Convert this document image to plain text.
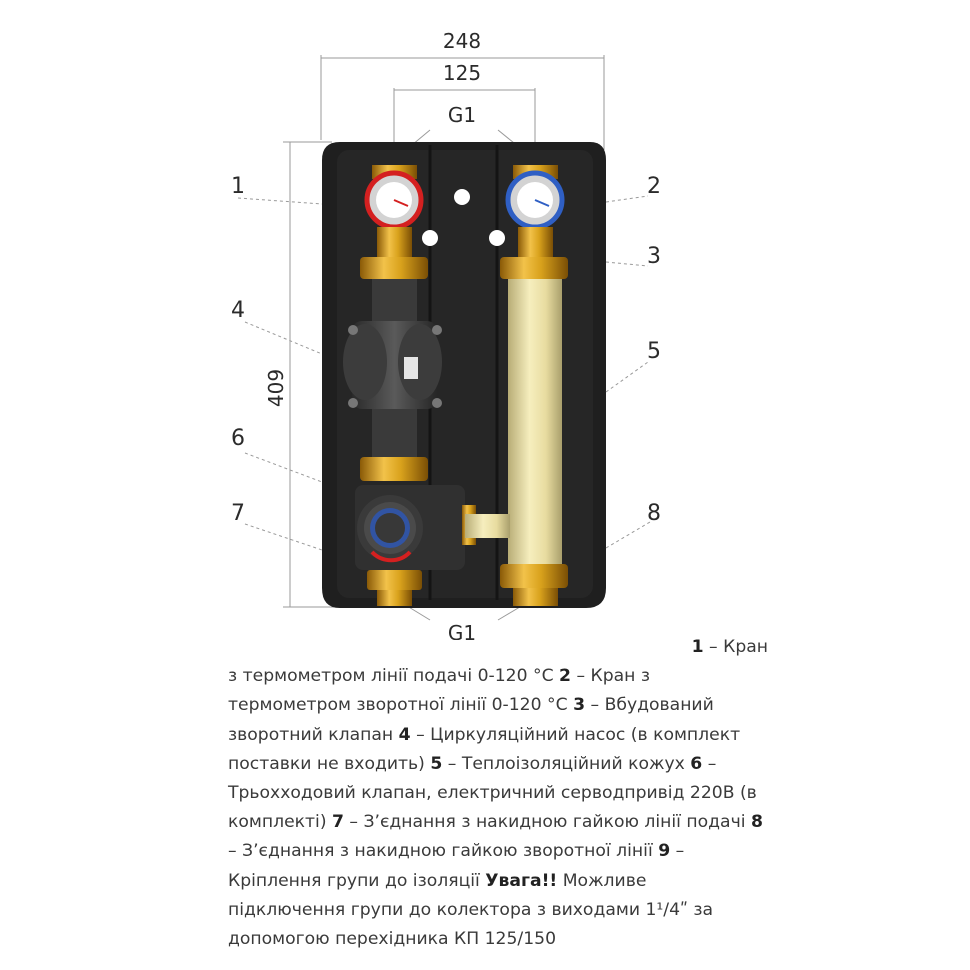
248
125
G1
G1
409
1	2
3
4
5
6
7	8
1 – Кран
з термометром лінії подачі 0-120 °C 2 – Кран з термометром зворотної лінії 0-120 °C 3 – Вбудований зворотний клапан 4 – Циркуляційний насос (в комплект поставки не входить) 5 – Теплоізоляційний кожух 6 – Трьохходовий клапан, електричний серводпривід 220В (в комплекті) 7 – З’єднання з накидною гайкою лінії подачі 8 – З’єднання з накидною гайкою зворотної лінії 9 – Кріплення групи до ізоляції Увага!! Можливе підключення групи до колектора з виходами 1¹/4ʺ за допомогою перехідника КП 125/150
